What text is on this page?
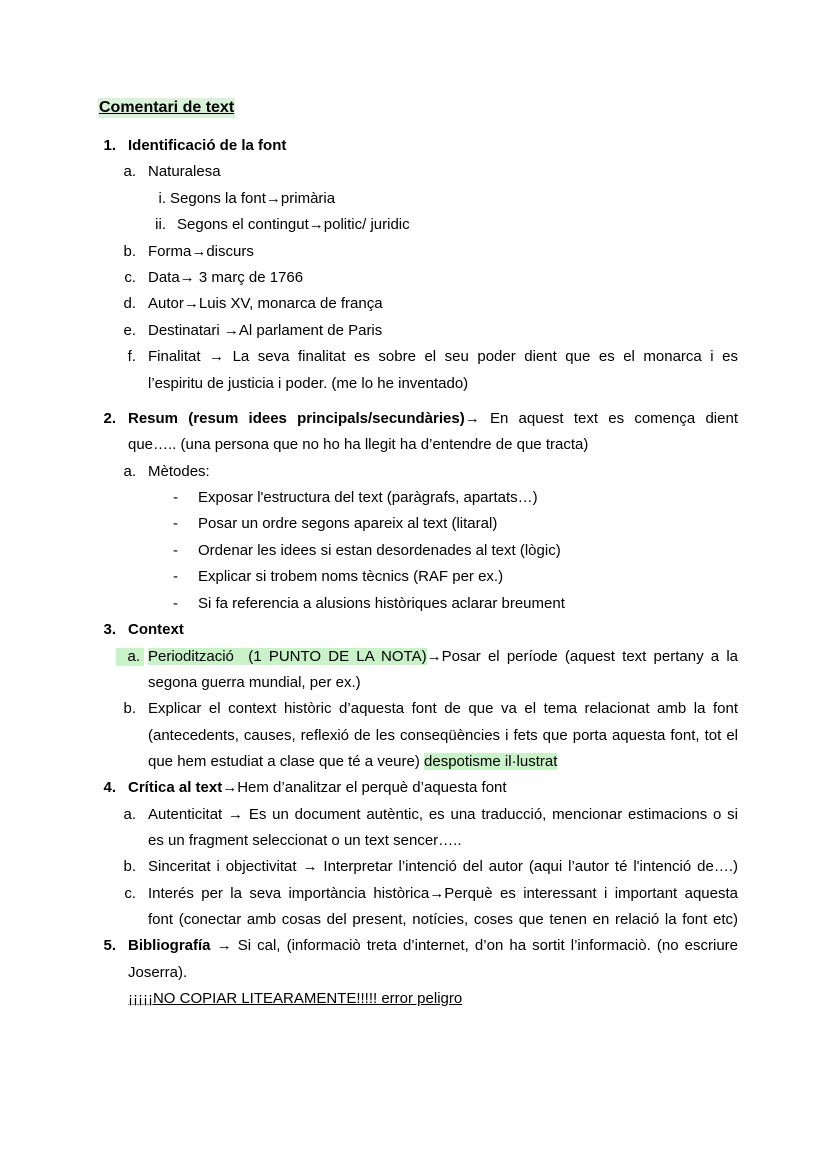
Comentari de text
1. Identificació de la font
a. Naturalesa
i. Segons la font→primària
ii. Segons el contingut→politic/ juridic
b. Forma→discurs
c. Data→ 3 març de 1766
d. Autor→Luis XV, monarca de frança
e. Destinatari →Al parlament de Paris
f. Finalitat → La seva finalitat es sobre el seu poder dient que es el monarca i es
l’espiritu de justicia i poder. (me lo he inventado)
2. Resum (resum idees principals/secundàries)→ En aquest text es comença dient
que….. (una persona que no ho ha llegit ha d’entendre de que tracta)
a. Mètodes:
- Exposar l'estructura del text (paràgrafs, apartats…)
- Posar un ordre segons apareix al text (litaral)
- Ordenar les idees si estan desordenades al text (lògic)
- Explicar si trobem noms tècnics (RAF per ex.)
- Si fa referencia a alusions històriques aclarar breument
3. Context
a. Periodització  (1 PUNTO DE LA NOTA)→Posar el període (aquest text pertany a la
segona guerra mundial, per ex.)
b. Explicar el context històric d’aquesta font de que va el tema relacionat amb la font
(antecedents, causes, reflexió de les conseqüències i fets que porta aquesta font, tot el
que hem estudiat a clase que té a veure) despotisme il·lustrat
4. Crítica al text→Hem d’analitzar el perquè d’aquesta font
a. Autenticitat → Es un document autèntic, es una traducció, mencionar estimacions o si
es un fragment seleccionat o un text sencer…..
b. Sinceritat i objectivitat → Interpretar l’intenció del autor (aqui l’autor té l'intenció de….)
c. Interés per la seva importància històrica→Perquè es interessant i important aquesta
font (conectar amb cosas del present, notícies, coses que tenen en relació la font etc)
5. Bibliografía → Si cal, (informaciò treta d’internet, d’on ha sortit l’informaciò. (no escriure
Joserra).
¡¡¡¡¡NO COPIAR LITEARAMENTE!!!!! error peligro
